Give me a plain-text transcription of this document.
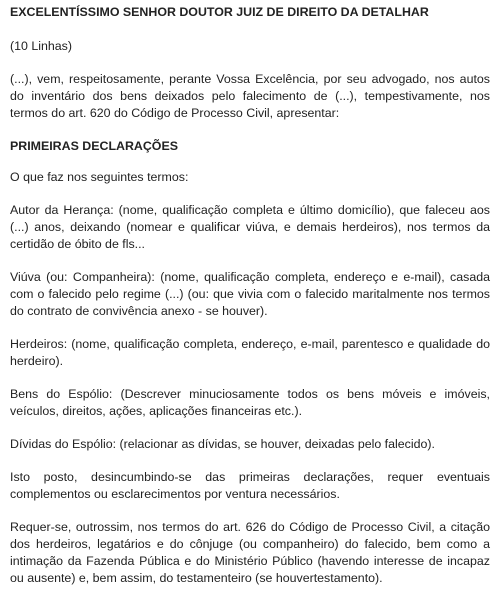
EXCELENTÍSSIMO SENHOR DOUTOR JUIZ DE DIREITO DA DETALHAR

(10 Linhas)

(...), vem, respeitosamente, perante Vossa Excelência, por seu advogado, nos autos do inventário dos bens deixados pelo falecimento de (...), tempestivamente, nos termos do art. 620 do Código de Processo Civil, apresentar:

PRIMEIRAS DECLARAÇÕES

O que faz nos seguintes termos:

Autor da Herança: (nome, qualificação completa e último domicílio), que faleceu aos (...) anos, deixando (nomear e qualificar viúva, e demais herdeiros), nos termos da certidão de óbito de fls...

Viúva (ou: Companheira): (nome, qualificação completa, endereço e e-mail), casada com o falecido pelo regime (...) (ou: que vivia com o falecido maritalmente nos termos do contrato de convivência anexo - se houver).

Herdeiros: (nome, qualificação completa, endereço, e-mail, parentesco e qualidade do herdeiro).

Bens do Espólio: (Descrever minuciosamente todos os bens móveis e imóveis, veículos, direitos, ações, aplicações financeiras etc.).

Dívidas do Espólio: (relacionar as dívidas, se houver, deixadas pelo falecido).

Isto posto, desincumbindo-se das primeiras declarações, requer eventuais complementos ou esclarecimentos por ventura necessários.

Requer-se, outrossim, nos termos do art. 626 do Código de Processo Civil, a citação dos herdeiros, legatários e do cônjuge (ou companheiro) do falecido, bem como a intimação da Fazenda Pública e do Ministério Público (havendo interesse de incapaz ou ausente) e, bem assim, do testamenteiro (se houvertestamento).
